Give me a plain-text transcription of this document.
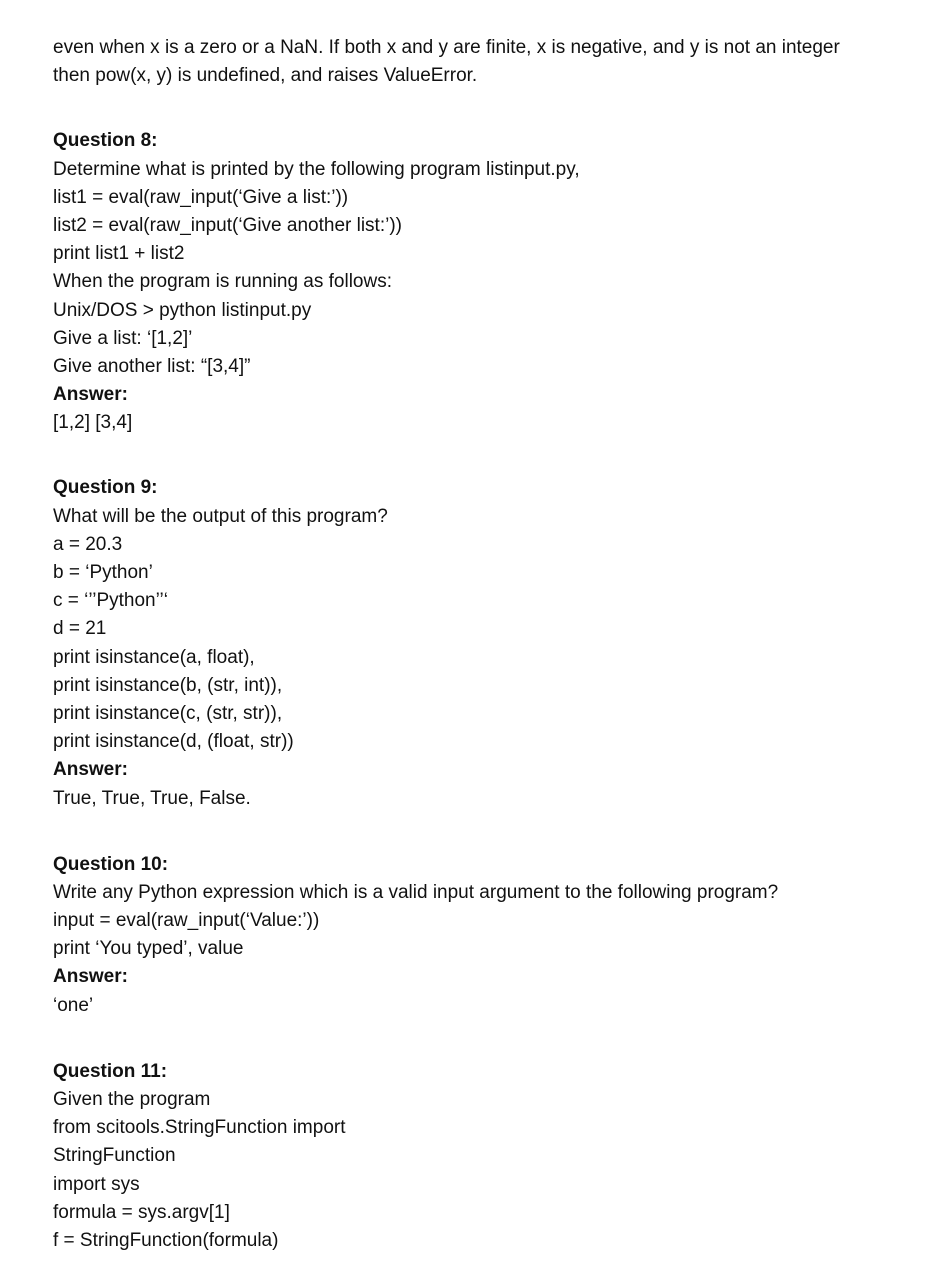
even when x is a zero or a NaN. If both x and y are finite, x is negative, and y is not an integer
then pow(x, y) is undefined, and raises ValueError.
Question 8:
Determine what is printed by the following program listinput.py,
list1 = eval(raw_input(‘Give a list:’))
list2 = eval(raw_input(‘Give another list:’))
print list1 + list2
When the program is running as follows:
Unix/DOS > python listinput.py
Give a list: ‘[1,2]’
Give another list: “[3,4]”
Answer:
[1,2] [3,4]
Question 9:
What will be the output of this program?
a = 20.3
b = ‘Python’
c = ‘’’Python’’‘
d = 21
print isinstance(a, float),
print isinstance(b, (str, int)),
print isinstance(c, (str, str)),
print isinstance(d, (float, str))
Answer:
True, True, True, False.
Question 10:
Write any Python expression which is a valid input argument to the following program?
input = eval(raw_input(‘Value:’))
print ‘You typed’, value
Answer:
‘one’
Question 11:
Given the program
from scitools.StringFunction import
StringFunction
import sys
formula = sys.argv[1]
f = StringFunction(formula)
